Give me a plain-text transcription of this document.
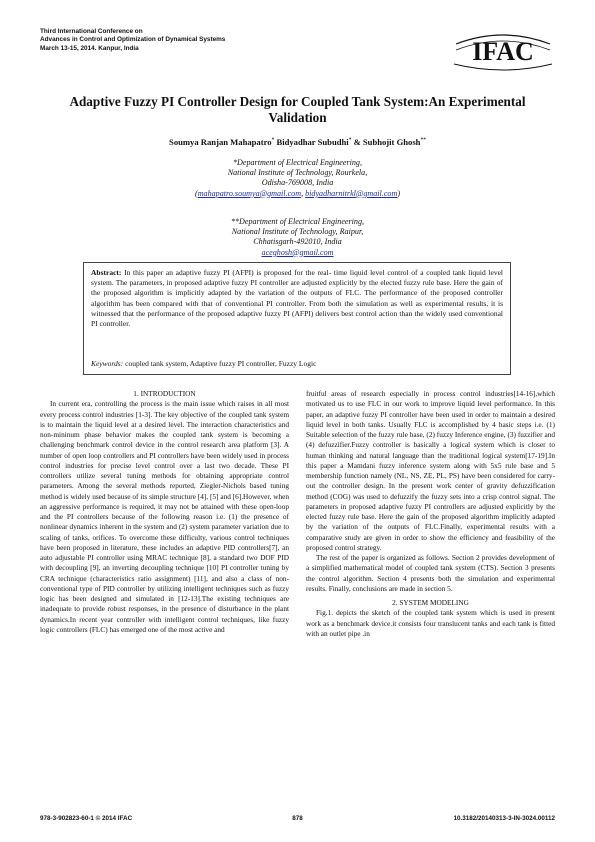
Third International Conference on
Advances in Control and Optimization of Dynamical Systems
March 13-15, 2014. Kanpur, India	IFAC
Adaptive Fuzzy PI Controller Design for Coupled Tank System:An Experimental Validation
Soumya Ranjan Mahapatro* Bidyadhar Subudhi* & Subhojit Ghosh**
*Department of Electrical Engineering,
National Institute of Technology, Rourkela,
Odisha-769008, India
(mahapatro.soumya@gmail.com, bidyadharnitrkl@gmail.com)
**Department of Electrical Engineering,
National Institute of Technology, Raipur,
Chhatisgarh-492010, India
aceghosh@gmail.com

Abstract: In this paper an adaptive fuzzy PI (AFPI) is proposed for the real- time liquid level control of a coupled tank liquid level system. The parameters, in proposed adaptive fuzzy PI controller are adjusted explicitly by the elected fuzzy rule base. Here the gain of the proposed algorithm is implicitly adapted by the variation of the outputs of FLC. The performance of the proposed controller algorithm has been compared with that of conventional PI controller. From both the simulation as well as experimental results, it is witnessed that the performance of the proposed adaptive fuzzy PI (AFPI) delivers best control action than the widely used conventional PI controller.

Keywords: coupled tank system, Adaptive fuzzy PI controller, Fuzzy Logic

1. INTRODUCTION

In current era, controlling the process is the main issue which raises in all most every process control industries [1-3]. The key objective of the coupled tank system is to maintain the liquid level at a desired level. The interaction characteristics and non-mininum phase behavior makes the coupled tank system is becoming a challenging benchmark control device in the control research area platform [3]. A number of open loop controllers and PI controllers have been widely used in process control industries for precise level control over a last two decade. These PI controllers utilize several tuning methods for obtaining appropriate control parameters. Among the several methods reported, Ziegler-Nichols based tuning method is widely used because of its simple structure [4], [5] and [6].However, when an aggressive performance is required, it may not be attained with these open-loop and the PI controllers because of the following reason i.e. (1) the presence of nonlinear dynamics inherent in the system and (2) system parameter variation due to scaling of tanks, orifices. To overcome these difficulty, various control techniques have been proposed in literature, these includes an adaptive PID controllers[7], an auto adjustable PI controller using MRAC technique [8], a standard two DOF PID with decoupling [9], an inverting decoupling technique [10] PI controller tuning by CRA technique (characteristics ratio assignment) [11], and also a class of non-conventional type of PID controller by utilizing intelligent techniques such as fuzzy logic has been designed and simulated in [12-13].The existing techniques are inadequate to provide robust responses, in the presence of disturbance in the plant dynamics.In recent year controller with intelligent control techniques, like fuzzy logic controllers (FLC) has emerged one of the most active and

fruitful areas of research especially in process control industries[14-16],which motivated us to use FLC in our work to improve liquid level performance. In this paper, an adaptive fuzzy PI controller have been used in order to maintain a desired liquid level in both tanks. Usually FLC is accomplished by 4 basic steps i.e. (1) Suitable selection of the fuzzy rule base, (2) fuzzy Inference engine, (3) fuzzifier and (4) defuzzifier.Fuzzy controller is basically a logical system which is closer to human thinking and natural language than the traditional logical system[17-19].In this paper a Mamdani fuzzy inference system along with 5x5 rule base and 5 membership function namely (NL, NS, ZE, PL, PS) have been considered for carry-out the controller design. In the present work center of gravity defuzzification method (COG) was used to defuzzify the fuzzy sets into a crisp control signal. The parameters in proposed adaptive fuzzy PI controllers are adjusted explicitly by the elected fuzzy rule base. Here the gain of the proposed algorithm implicitly adapted by the variation of the outputs of FLC.Finally, experimental results with a comparative study are given in order to show the efficiency and feasibility of the proposed control strategy.

The rest of the paper is organized as follows. Section 2 provides development of a simplified mathematical model of coupled tank system (CTS). Section 3 presents the control algorithm. Section 4 presents both the simulation and experimental results. Finally, conclusions are made in section 5.

2. SYSTEM MODELING

Fig.1. depicts the sketch of the coupled tank system which is used in present work as a benchmark device.it consists four translucent tanks and each tank is fitted with an outlet pipe .in

978-3-902823-60-1 © 2014 IFAC	878	10.3182/20140313-3-IN-3024.00112
